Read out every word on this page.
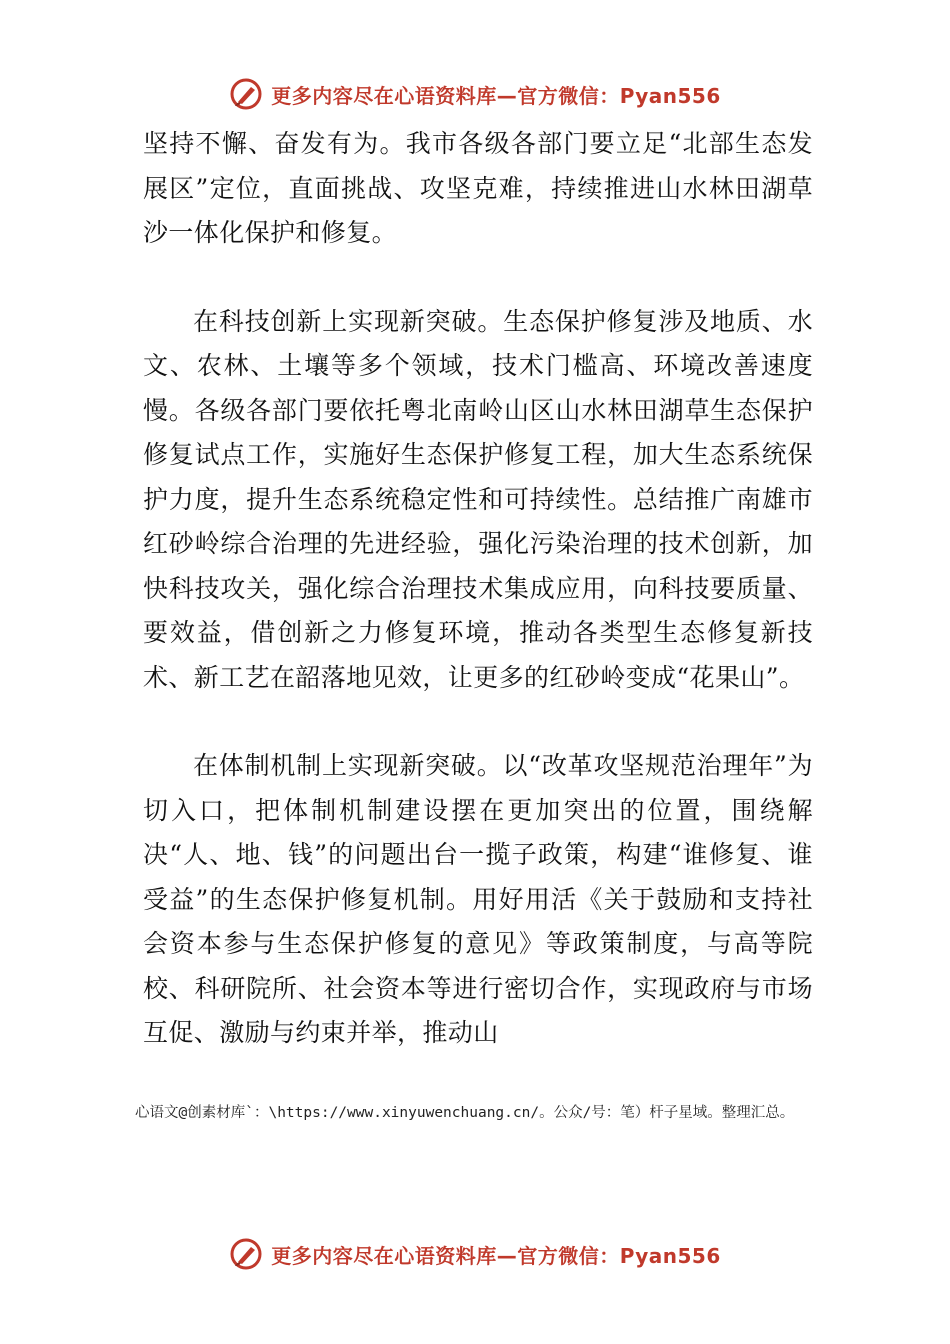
更多内容尽在心语资料库—官方微信：Pyan556

坚持不懈、奋发有为。我市各级各部门要立足“北部生态发展区”定位，直面挑战、攻坚克难，持续推进山水林田湖草沙一体化保护和修复。

在科技创新上实现新突破。生态保护修复涉及地质、水文、农林、土壤等多个领域，技术门槛高、环境改善速度慢。各级各部门要依托粤北南岭山区山水林田湖草生态保护修复试点工作，实施好生态保护修复工程，加大生态系统保护力度，提升生态系统稳定性和可持续性。总结推广南雄市红砂岭综合治理的先进经验，强化污染治理的技术创新，加快科技攻关，强化综合治理技术集成应用，向科技要质量、要效益，借创新之力修复环境，推动各类型生态修复新技术、新工艺在韶落地见效，让更多的红砂岭变成“花果山”。

在体制机制上实现新突破。以“改革攻坚规范治理年”为切入口，把体制机制建设摆在更加突出的位置，围绕解决“人、地、钱”的问题出台一揽子政策，构建“谁修复、谁受益”的生态保护修复机制。用好用活《关于鼓励和支持社会资本参与生态保护修复的意见》等政策制度，与高等院校、科研院所、社会资本等进行密切合作，实现政府与市场互促、激励与约束并举，推动山

心语文@创素材库`：\https://www.xinyuwenchuang.cn/。公众/号：笔）杆子星域。整理汇总。
更多内容尽在心语资料库—官方微信：Pyan556
